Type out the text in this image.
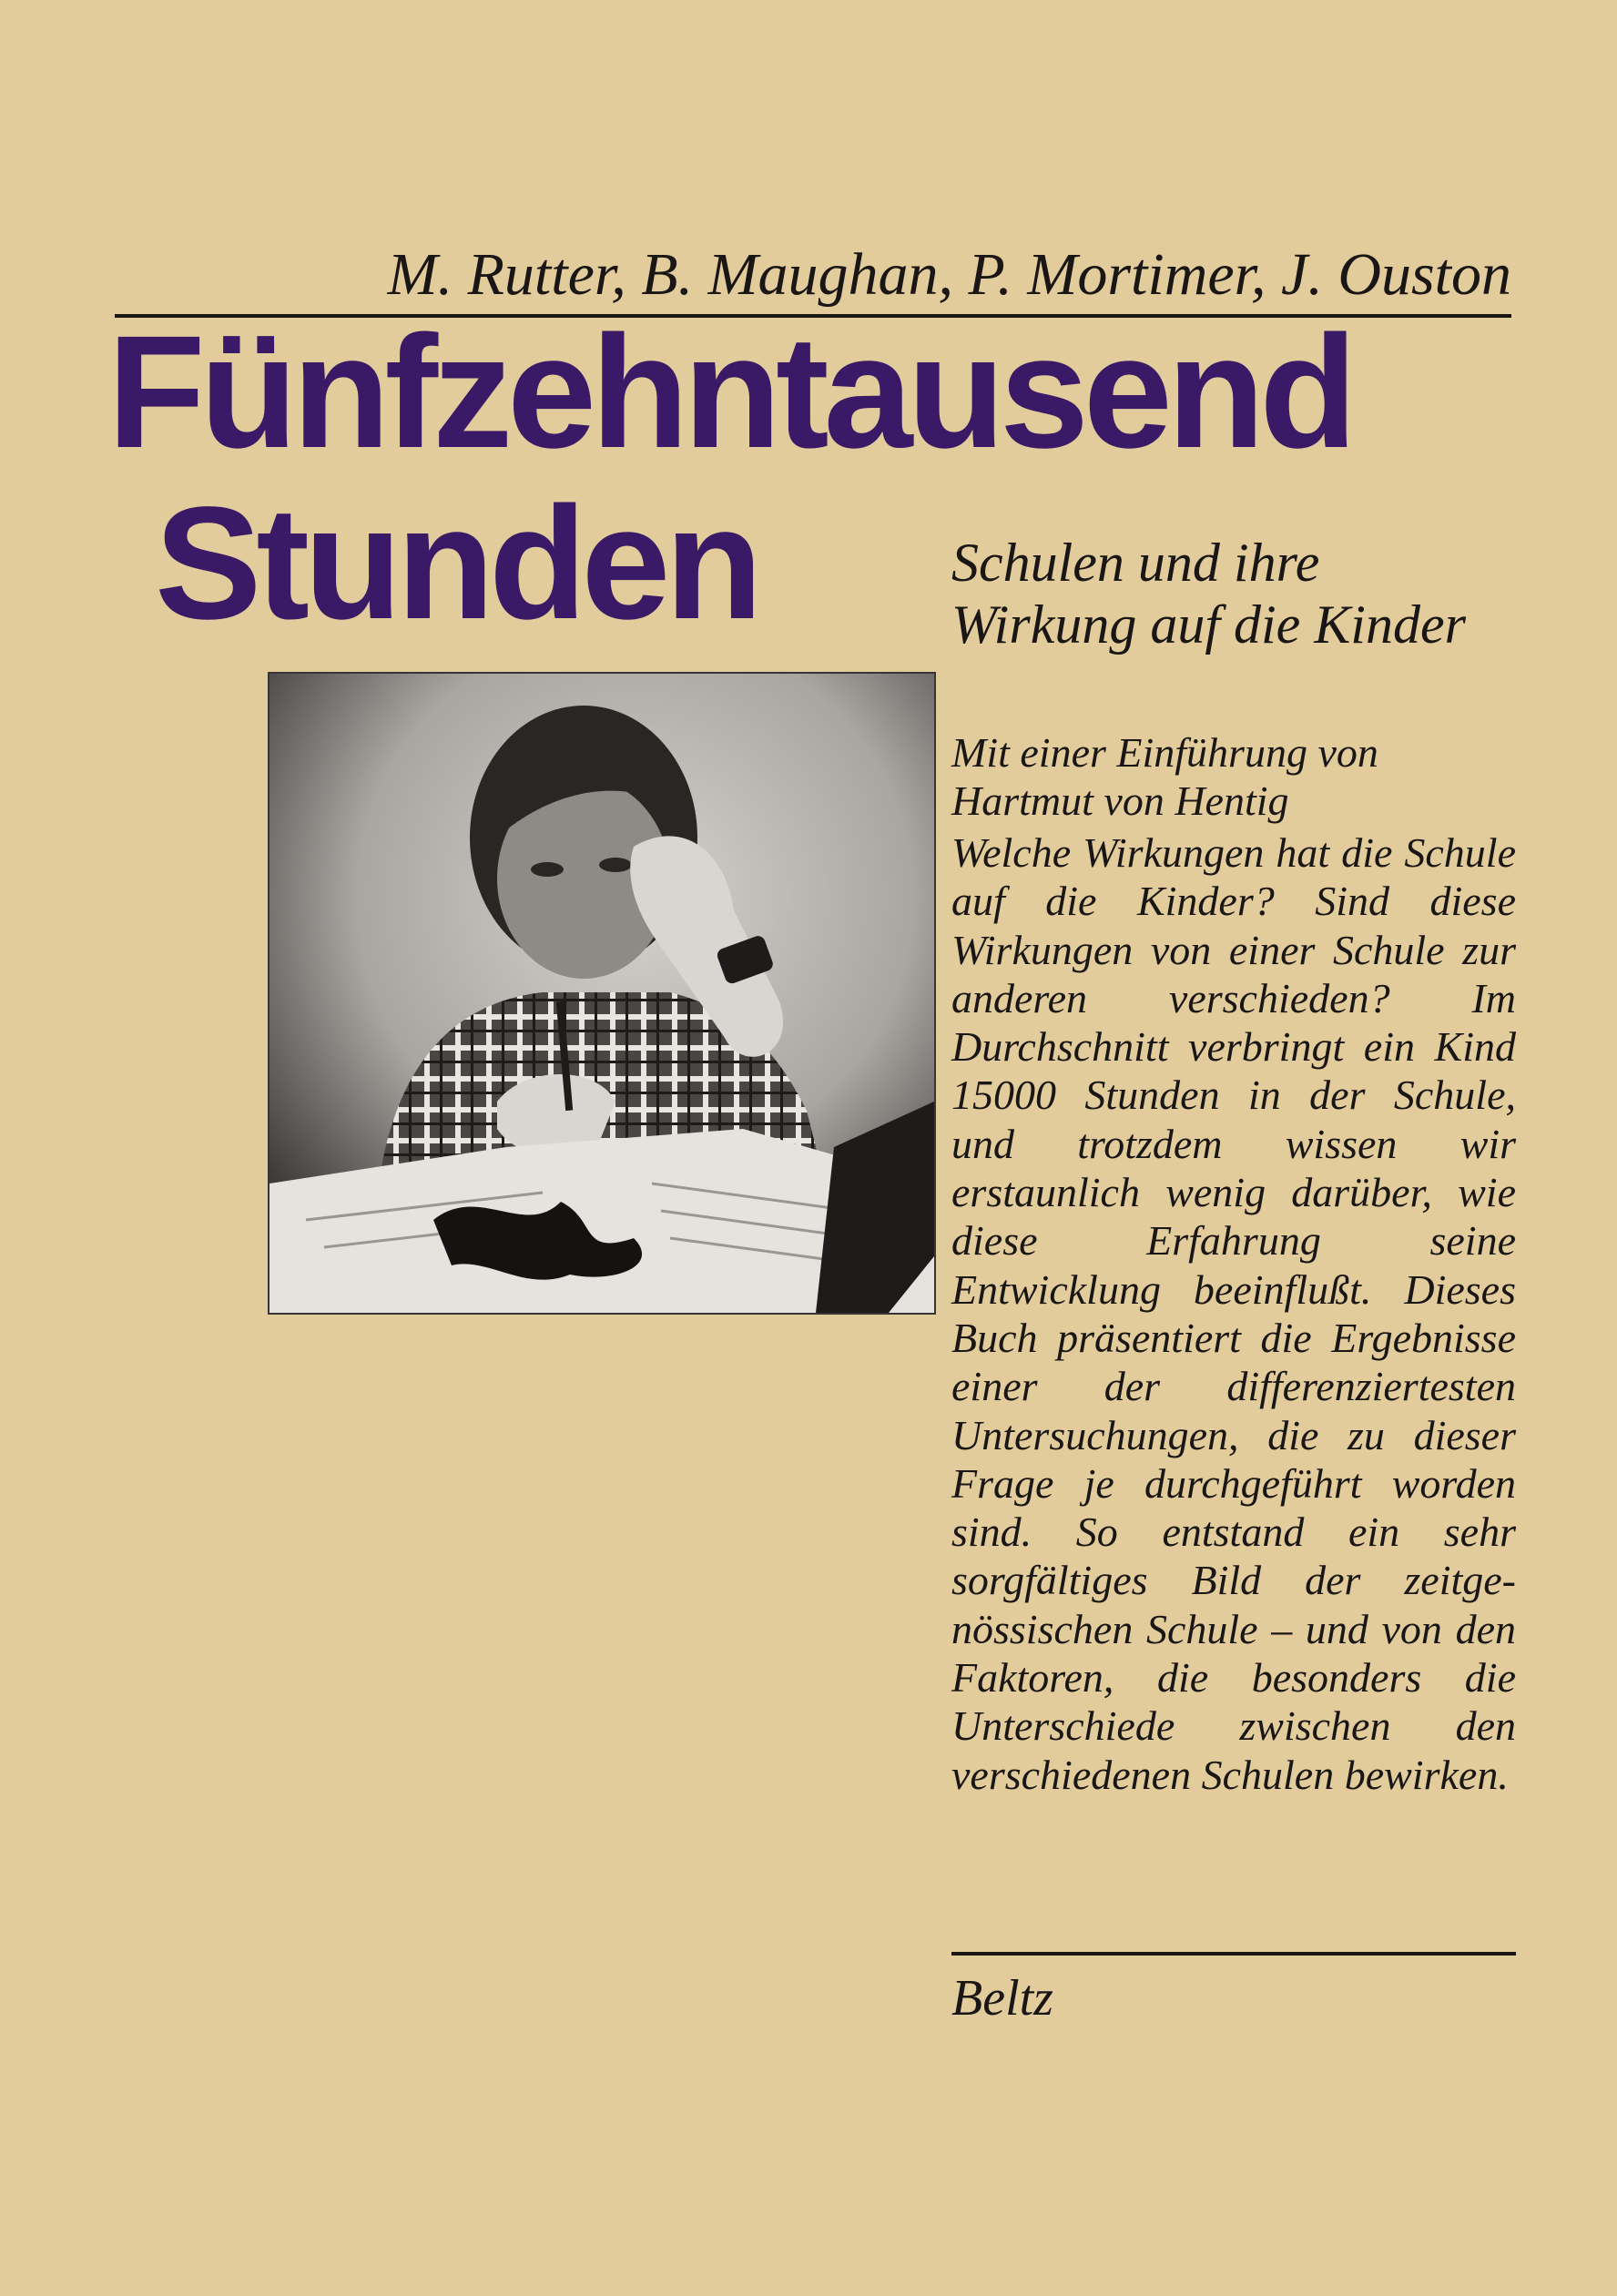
M. Rutter, B. Maughan, P. Mortimer, J. Ouston
Fünfzehntausend
Stunden	Schulen und ihre Wirkung auf die Kinder
Mit einer Einführung von Hartmut von Hentig
Welche Wirkungen hat die Schule auf die Kinder? Sind diese Wirkungen von einer Schule zur anderen verschieden? Im Durchschnitt verbringt ein Kind 15000 Stunden in der Schule, und trotzdem wissen wir erstaunlich wenig darüber, wie diese Erfahrung seine Entwicklung beeinflußt. Dieses Buch präsentiert die Ergebnisse einer der differenziertesten Untersuchungen, die zu dieser Frage je durchgeführt worden sind. So entstand ein sehr sorgfältiges Bild der zeitgenössischen Schule – und von den Faktoren, die besonders die Unterschiede zwischen den verschiedenen Schulen bewirken.
Beltz
